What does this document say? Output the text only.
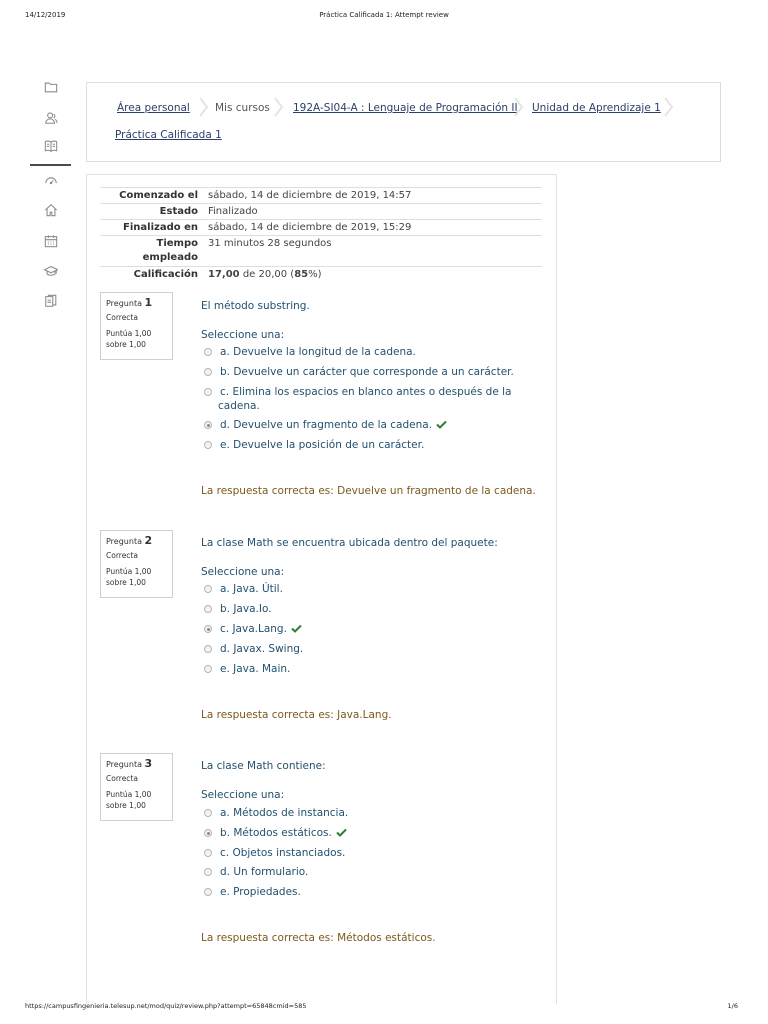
14/12/2019	Práctica Calificada 1: Attempt review
Área personal Mis cursos 192A-SI04-A : Lenguaje de Programación II Unidad de Aprendizaje 1
Práctica Calificada 1
Comenzado el sábado, 14 de diciembre de 2019, 14:57
Estado Finalizado
Finalizado en sábado, 14 de diciembre de 2019, 15:29
Tiempo
empleado
31 minutos 28 segundos
Calificación 17,00 de 20,00 (85%)
Pregunta 1
Correcta
Puntúa 1,00
sobre 1,00
El método substring.
Seleccione una:
a. Devuelve la longitud de la cadena.
b. Devuelve un carácter que corresponde a un carácter.
c. Elimina los espacios en blanco antes o después de la
cadena.
d. Devuelve un fragmento de la cadena.
e. Devuelve la posición de un carácter.
La respuesta correcta es: Devuelve un fragmento de la cadena.
Pregunta 2
Correcta
Puntúa 1,00
sobre 1,00
La clase Math se encuentra ubicada dentro del paquete:
Seleccione una:
a. Java. Útil.
b. Java.Io.
c. Java.Lang.
d. Javax. Swing.
e. Java. Main.
La respuesta correcta es: Java.Lang.
Pregunta 3
Correcta
Puntúa 1,00
sobre 1,00
La clase Math contiene:
Seleccione una:
a. Métodos de instancia.
b. Métodos estáticos.
c. Objetos instanciados.
d. Un formulario.
e. Propiedades.
La respuesta correcta es: Métodos estáticos.
https://campusfingenieria.telesup.net/mod/quiz/review.php?attempt=65848cmid=585	1/6
